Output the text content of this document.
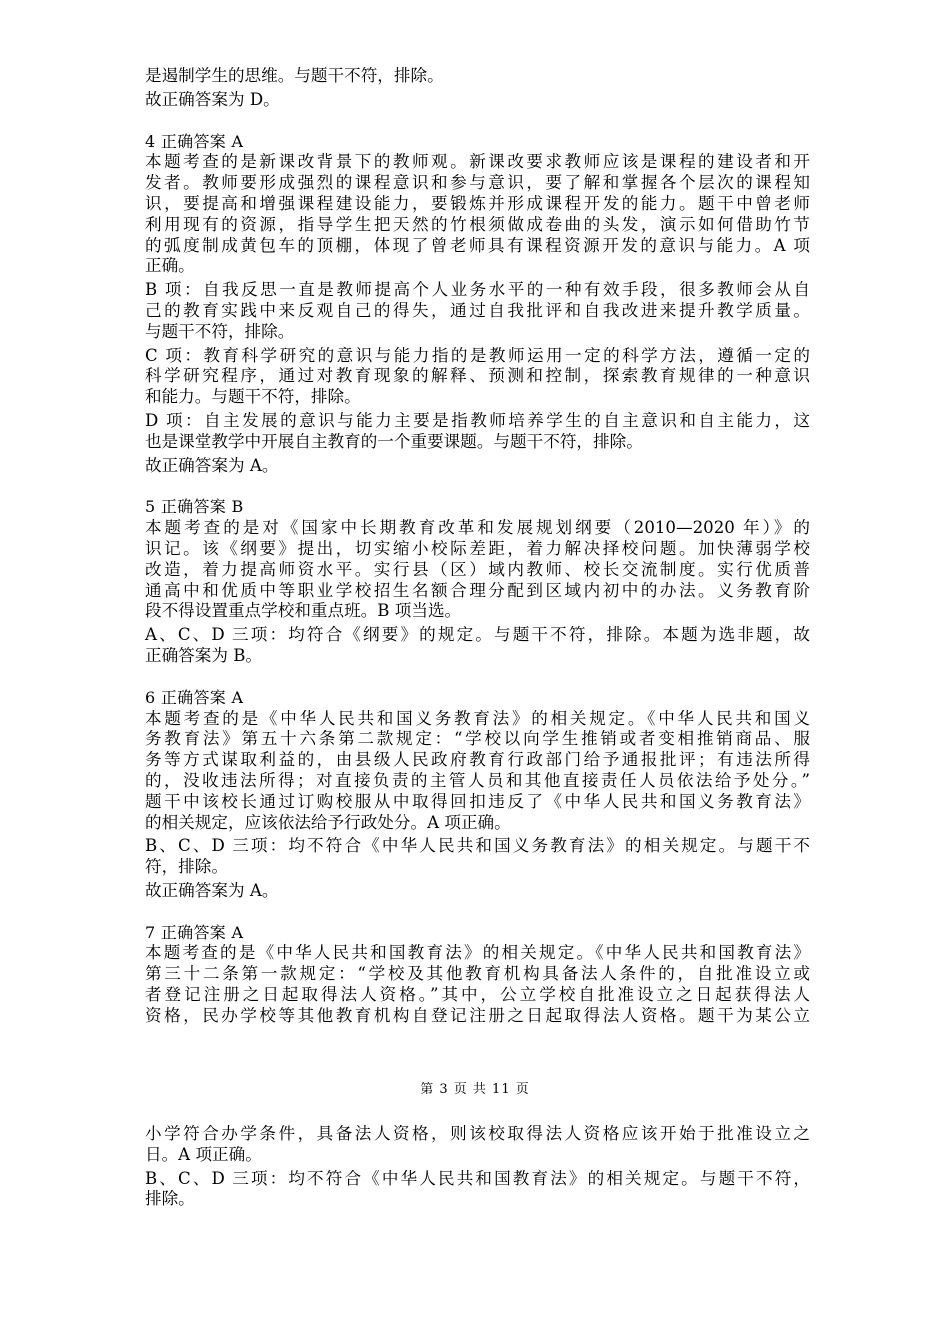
是遏制学生的思维。与题干不符，排除。
故正确答案为 D。
4 正确答案 A
本题考查的是新课改背景下的教师观。新课改要求教师应该是课程的建设者和开
发者。教师要形成强烈的课程意识和参与意识，要了解和掌握各个层次的课程知
识，要提高和增强课程建设能力，要锻炼并形成课程开发的能力。题干中曾老师
利用现有的资源，指导学生把天然的竹根须做成卷曲的头发，演示如何借助竹节
的弧度制成黄包车的顶棚，体现了曾老师具有课程资源开发的意识与能力。A 项
正确。
B 项：自我反思一直是教师提高个人业务水平的一种有效手段，很多教师会从自
己的教育实践中来反观自己的得失，通过自我批评和自我改进来提升教学质量。
与题干不符，排除。
C 项：教育科学研究的意识与能力指的是教师运用一定的科学方法，遵循一定的
科学研究程序，通过对教育现象的解释、预测和控制，探索教育规律的一种意识
和能力。与题干不符，排除。
D 项：自主发展的意识与能力主要是指教师培养学生的自主意识和自主能力，这
也是课堂教学中开展自主教育的一个重要课题。与题干不符，排除。
故正确答案为 A。
5 正确答案 B
本题考查的是对《国家中长期教育改革和发展规划纲要（2010—2020 年）》的
识记。该《纲要》提出，切实缩小校际差距，着力解决择校问题。加快薄弱学校
改造，着力提高师资水平。实行县（区）域内教师、校长交流制度。实行优质普
通高中和优质中等职业学校招生名额合理分配到区域内初中的办法。义务教育阶
段不得设置重点学校和重点班。B 项当选。
A、C、D 三项：均符合《纲要》的规定。与题干不符，排除。本题为选非题，故
正确答案为 B。
6 正确答案 A
本题考查的是《中华人民共和国义务教育法》的相关规定。《中华人民共和国义
务教育法》第五十六条第二款规定：“学校以向学生推销或者变相推销商品、服
务等方式谋取利益的，由县级人民政府教育行政部门给予通报批评；有违法所得
的，没收违法所得；对直接负责的主管人员和其他直接责任人员依法给予处分。”
题干中该校长通过订购校服从中取得回扣违反了《中华人民共和国义务教育法》
的相关规定，应该依法给予行政处分。A 项正确。
B、C、D 三项：均不符合《中华人民共和国义务教育法》的相关规定。与题干不
符，排除。
故正确答案为 A。
7 正确答案 A
本题考查的是《中华人民共和国教育法》的相关规定。《中华人民共和国教育法》
第三十二条第一款规定：“学校及其他教育机构具备法人条件的，自批准设立或
者登记注册之日起取得法人资格。”其中，公立学校自批准设立之日起获得法人
资格，民办学校等其他教育机构自登记注册之日起取得法人资格。题干为某公立
第 3 页 共 11 页
小学符合办学条件，具备法人资格，则该校取得法人资格应该开始于批准设立之
日。A 项正确。
B、C、D 三项：均不符合《中华人民共和国教育法》的相关规定。与题干不符，
排除。
